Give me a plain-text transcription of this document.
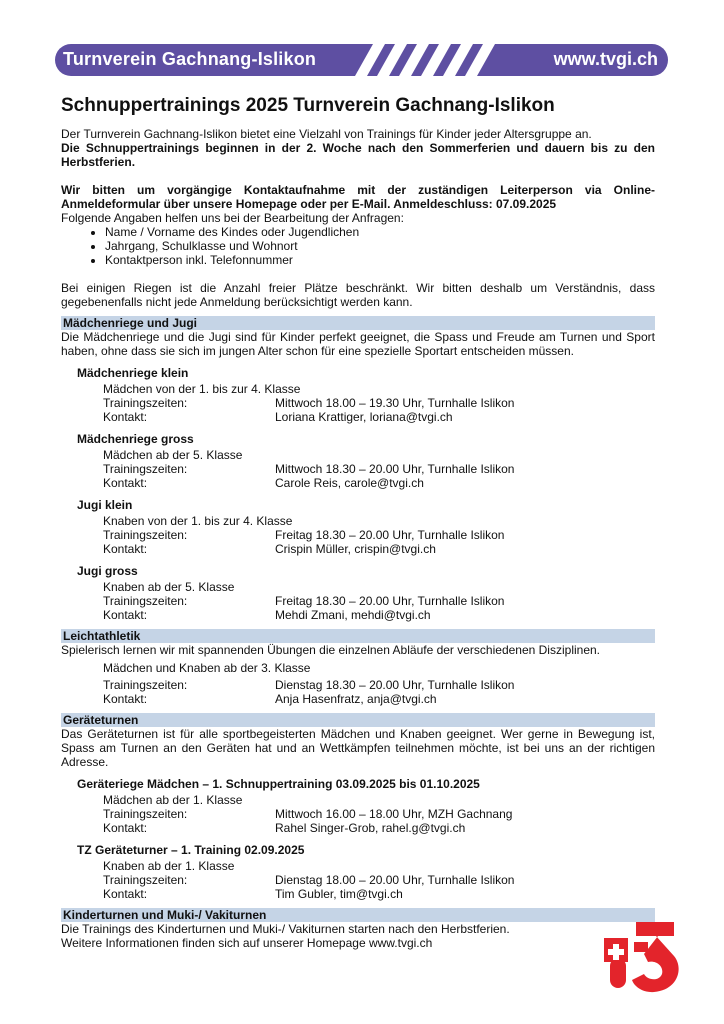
Turnverein Gachnang-Islikon	www.tvgi.ch
Schnuppertrainings 2025 Turnverein Gachnang-Islikon

Der Turnverein Gachnang-Islikon bietet eine Vielzahl von Trainings für Kinder jeder Altersgruppe an.

Die Schnuppertrainings beginnen in der 2. Woche nach den Sommerferien und dauern bis zu den Herbstferien.

Wir bitten um vorgängige Kontaktaufnahme mit der zuständigen Leiterperson via Online-Anmeldeformular über unsere Homepage oder per E-Mail. Anmeldeschluss: 07.09.2025

Folgende Angaben helfen uns bei der Bearbeitung der Anfragen:

• Name / Vorname des Kindes oder Jugendlichen
• Jahrgang, Schulklasse und Wohnort
• Kontaktperson inkl. Telefonnummer

Bei einigen Riegen ist die Anzahl freier Plätze beschränkt. Wir bitten deshalb um Verständnis, dass gegebenenfalls nicht jede Anmeldung berücksichtigt werden kann.

Mädchenriege und Jugi

Die Mädchenriege und die Jugi sind für Kinder perfekt geeignet, die Spass und Freude am Turnen und Sport haben, ohne dass sie sich im jungen Alter schon für eine spezielle Sportart entscheiden müssen.

Mädchenriege klein
Mädchen von der 1. bis zur 4. Klasse
Trainingszeiten:	Mittwoch 18.00 – 19.30 Uhr, Turnhalle Islikon
Kontakt:	Loriana Krattiger, loriana@tvgi.ch
Mädchenriege gross
Mädchen ab der 5. Klasse
Trainingszeiten:	Mittwoch 18.30 – 20.00 Uhr, Turnhalle Islikon
Kontakt:	Carole Reis, carole@tvgi.ch
Jugi klein
Knaben von der 1. bis zur 4. Klasse
Trainingszeiten:	Freitag 18.30 – 20.00 Uhr, Turnhalle Islikon
Kontakt:	Crispin Müller, crispin@tvgi.ch
Jugi gross
Knaben ab der 5. Klasse
Trainingszeiten:	Freitag 18.30 – 20.00 Uhr, Turnhalle Islikon
Kontakt:	Mehdi Zmani, mehdi@tvgi.ch
Leichtathletik

Spielerisch lernen wir mit spannenden Übungen die einzelnen Abläufe der verschiedenen Disziplinen.

Mädchen und Knaben ab der 3. Klasse
Trainingszeiten:	Dienstag 18.30 – 20.00 Uhr, Turnhalle Islikon
Kontakt:	Anja Hasenfratz, anja@tvgi.ch
Geräteturnen

Das Geräteturnen ist für alle sportbegeisterten Mädchen und Knaben geeignet. Wer gerne in Bewegung ist, Spass am Turnen an den Geräten hat und an Wettkämpfen teilnehmen möchte, ist bei uns an der richtigen Adresse.

Geräteriege Mädchen – 1. Schnuppertraining 03.09.2025 bis 01.10.2025
Mädchen ab der 1. Klasse
Trainingszeiten:	Mittwoch 16.00 – 18.00 Uhr, MZH Gachnang
Kontakt:	Rahel Singer-Grob, rahel.g@tvgi.ch
TZ Geräteturner – 1. Training 02.09.2025
Knaben ab der 1. Klasse
Trainingszeiten:	Dienstag 18.00 – 20.00 Uhr, Turnhalle Islikon
Kontakt:	Tim Gubler, tim@tvgi.ch
Kinderturnen und Muki-/ Vakiturnen
Die Trainings des Kinderturnen und Muki-/ Vakiturnen starten nach den Herbstferien.
Weitere Informationen finden sich auf unserer Homepage www.tvgi.ch
